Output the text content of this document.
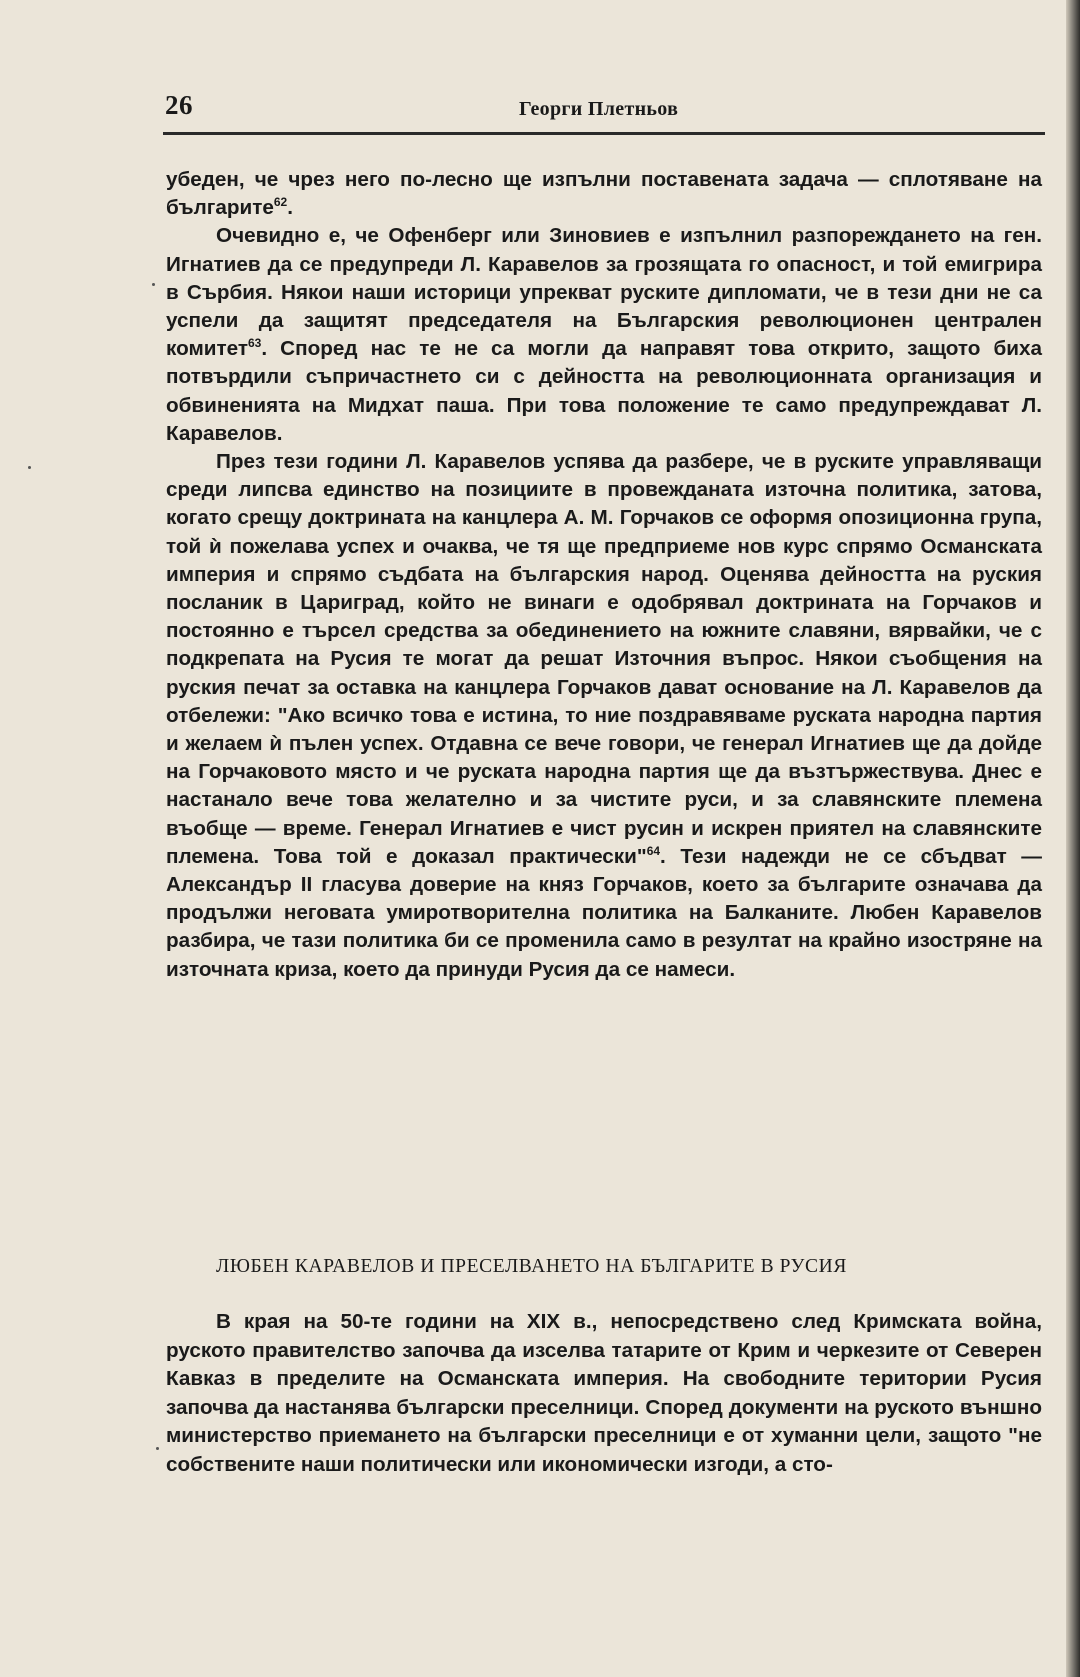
26	Георги Плетньов

убеден, че чрез него по-лесно ще изпълни поставената задача — сплотяване на българите$^{62}$.

Очевидно е, че Офенберг или Зиновиев е изпълнил разпореждането на ген. Игнатиев да се предупреди Л. Каравелов за грозящата го опасност, и той емигрира в Сърбия. Някои наши историци упрекват руските дипломати, че в тези дни не са успели да защитят председателя на Българския революционен централен комитет$^{63}$. Според нас те не са могли да направят това открито, защото биха потвърдили съпричастнето си с дейността на революционната организация и обвиненията на Мидхат паша. При това положение те само предупреждават Л. Каравелов.

През тези години Л. Каравелов успява да разбере, че в руските управляващи среди липсва единство на позициите в провежданата източна политика, затова, когато срещу доктрината на канцлера А. М. Горчаков се оформя опозиционна група, той ѝ пожелава успех и очаква, че тя ще предприеме нов курс спрямо Османската империя и спрямо съдбата на българския народ. Оценява дейността на руския посланик в Цариград, който не винаги е одобрявал доктрината на Горчаков и постоянно е търсел средства за обединението на южните славяни, вярвайки, че с подкрепата на Русия те могат да решат Източния въпрос. Някои съобщения на руския печат за оставка на канцлера Горчаков дават основание на Л. Каравелов да отбележи: "Ако всичко това е истина, то ние поздравяваме руската народна партия и желаем ѝ пълен успех. Отдавна се вече говори, че генерал Игнатиев ще да дойде на Горчаковото място и че руската народна партия ще да възтържествува. Днес е настанало вече това желателно и за чистите руси, и за славянските племена въобще — време. Генерал Игнатиев е чист русин и искрен приятел на славянските племена. Това той е доказал практически"$^{64}$. Тези надежди не се сбъдват — Александър II гласува доверие на княз Горчаков, което за българите означава да продължи неговата умиротворителна политика на Балканите. Любен Каравелов разбира, че тази политика би се променила само в резултат на крайно изостряне на източната криза, което да принуди Русия да се намеси.

ЛЮБЕН КАРАВЕЛОВ И ПРЕСЕЛВАНЕТО НА БЪЛГАРИТЕ В РУСИЯ

В края на 50-те години на XIX в., непосредствено след Кримската война, руското правителство започва да изселва татарите от Крим и черкезите от Северен Кавказ в пределите на Османската империя. На свободните територии Русия започва да настанява български преселници. Според документи на руското външно министерство приемането на български преселници е от хуманни цели, защото "не собствените наши политически или икономически изгоди, а сто-
